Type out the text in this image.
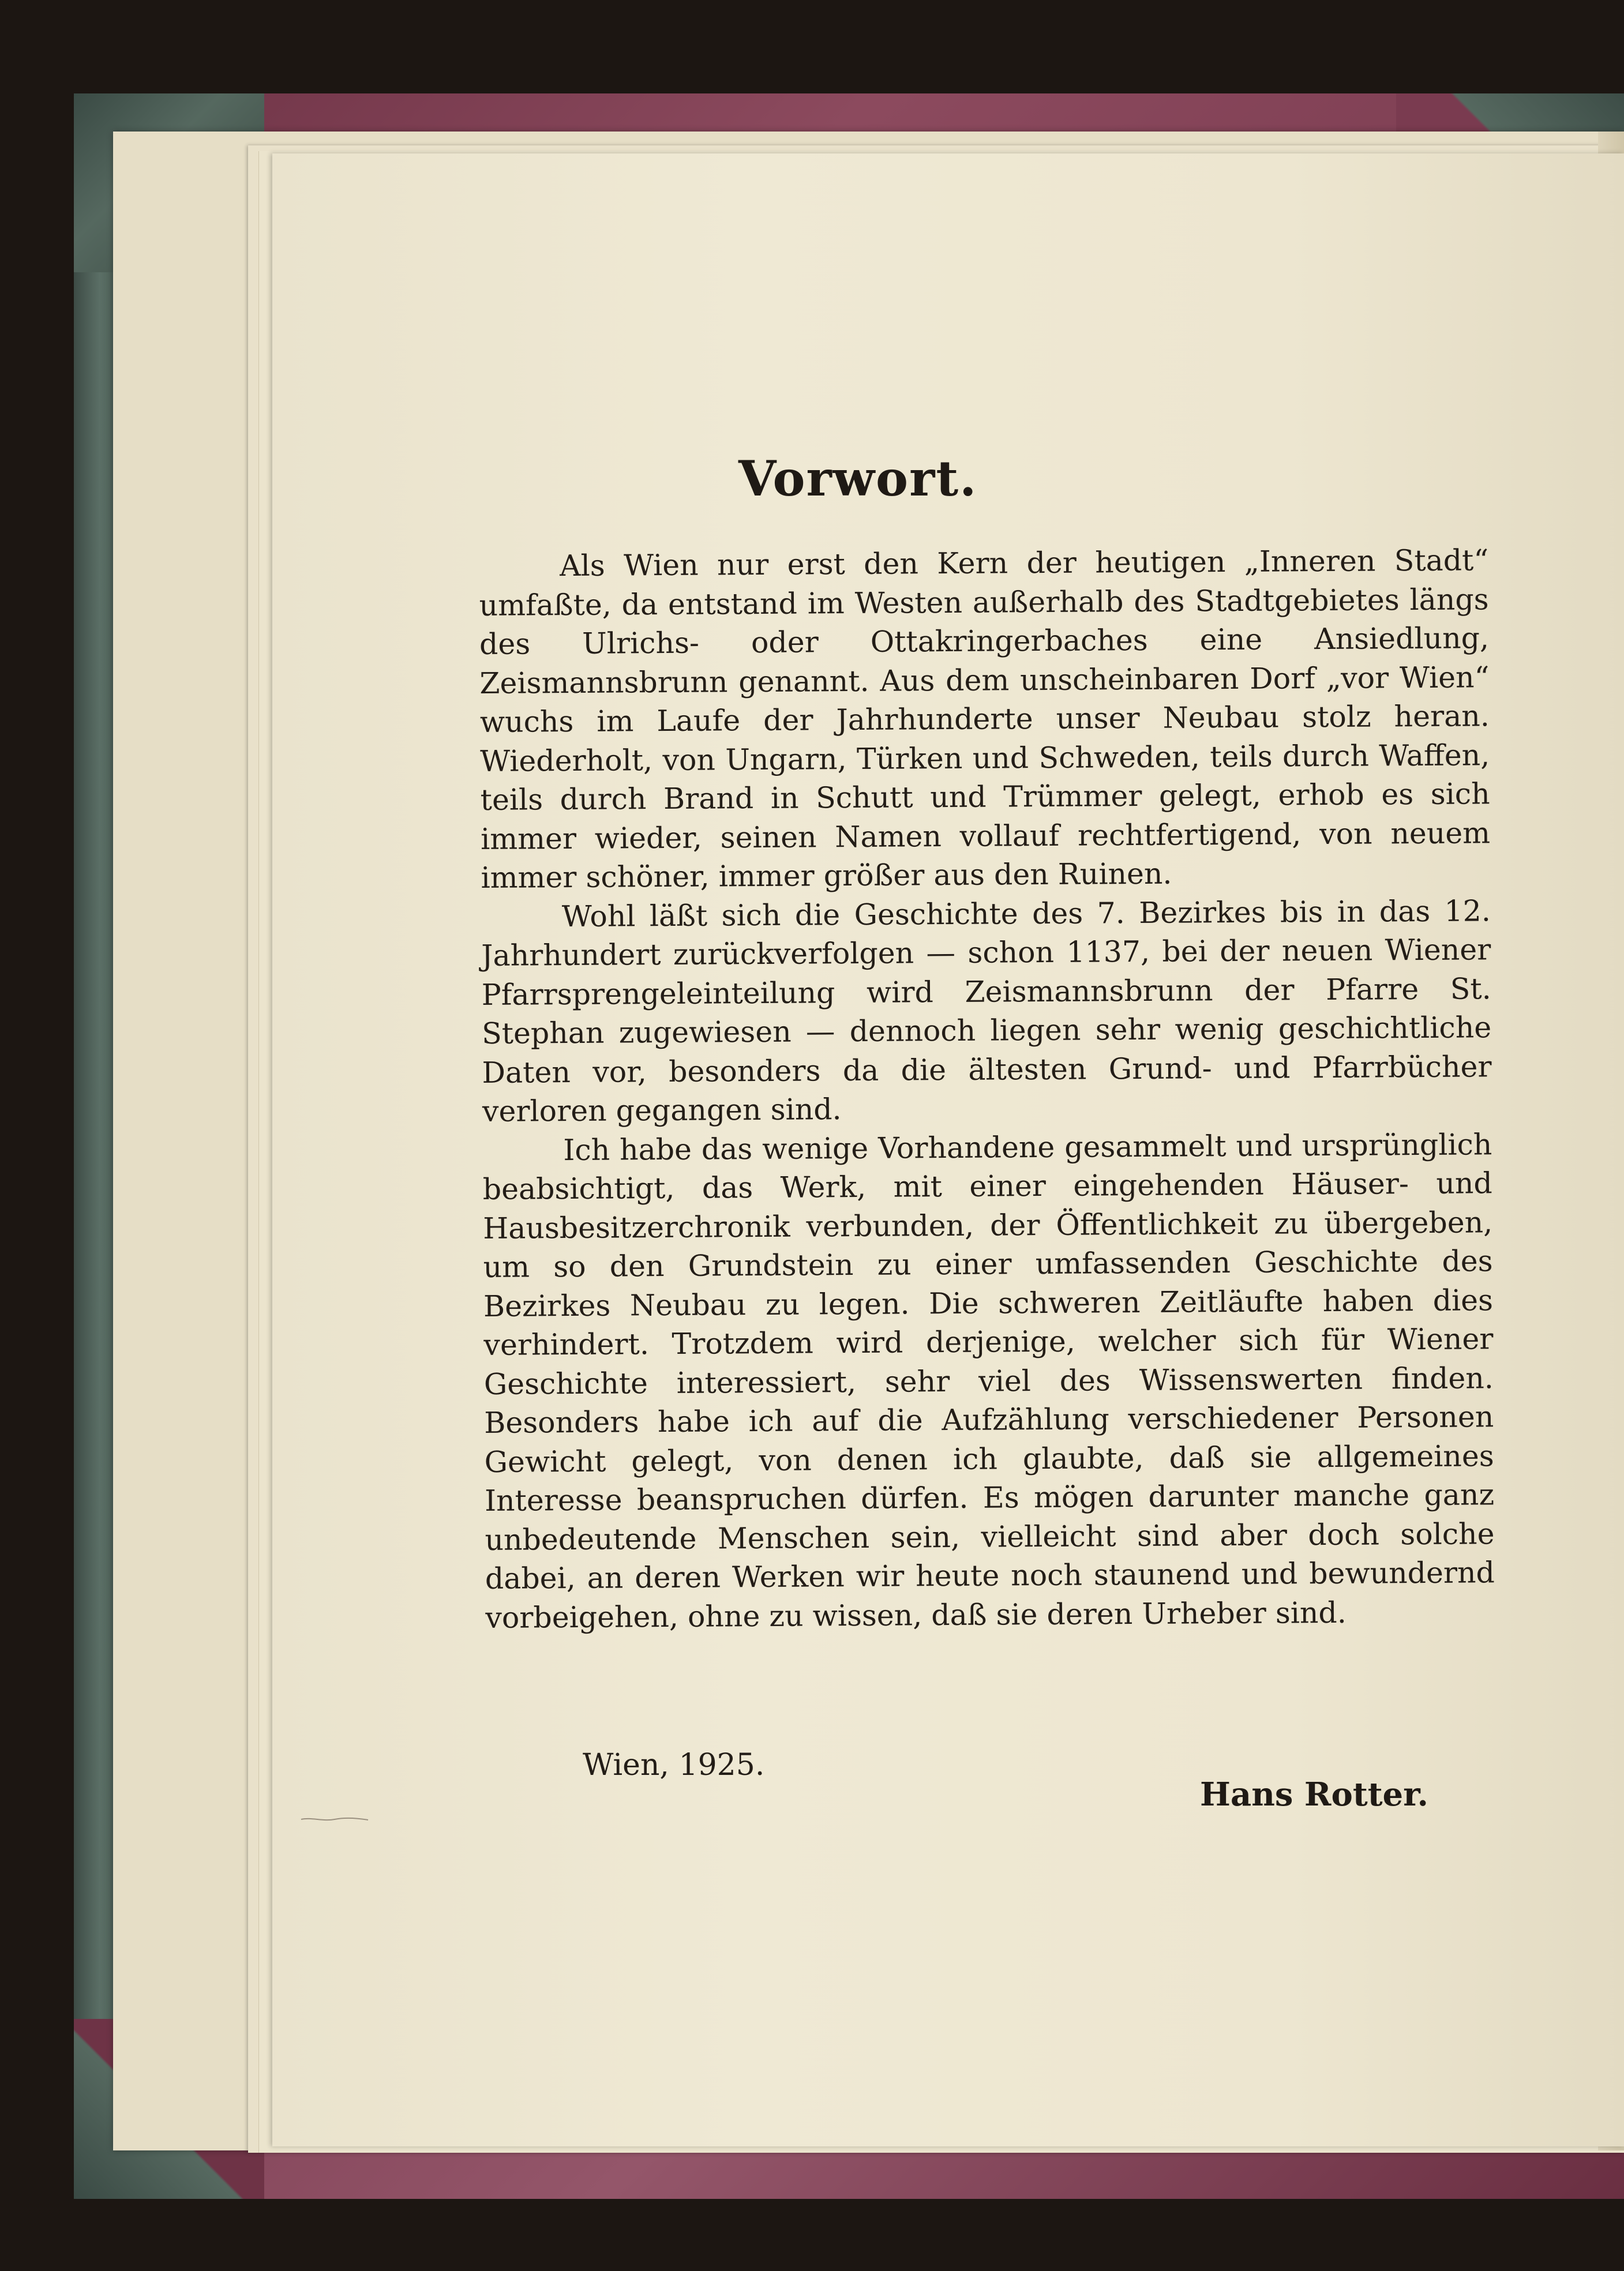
Vorwort.

Als Wien nur erst den Kern der heutigen „Inneren Stadt“ umfaßte, da entstand im Westen außerhalb des Stadtgebietes längs des Ulrichs- oder Ottakringerbaches eine Ansiedlung, Zeismannsbrunn genannt. Aus dem unscheinbaren Dorf „vor Wien“ wuchs im Laufe der Jahrhunderte unser Neubau stolz heran. Wiederholt, von Ungarn, Türken und Schweden, teils durch Waffen, teils durch Brand in Schutt und Trümmer gelegt, erhob es sich immer wieder, seinen Namen vollauf rechtfertigend, von neuem immer schöner, immer größer aus den Ruinen.

Wohl läßt sich die Geschichte des 7. Bezirkes bis in das 12. Jahrhundert zurückverfolgen — schon 1137, bei der neuen Wiener Pfarrsprengeleinteilung wird Zeismannsbrunn der Pfarre St. Stephan zugewiesen — dennoch liegen sehr wenig geschichtliche Daten vor, besonders da die ältesten Grund- und Pfarrbücher verloren gegangen sind.

Ich habe das wenige Vorhandene gesammelt und ursprünglich beabsichtigt, das Werk, mit einer eingehenden Häuser- und Hausbesitzerchronik verbunden, der Öffentlichkeit zu übergeben, um so den Grundstein zu einer umfassenden Geschichte des Bezirkes Neubau zu legen. Die schweren Zeitläufte haben dies verhindert. Trotzdem wird derjenige, welcher sich für Wiener Geschichte interessiert, sehr viel des Wissenswerten finden. Besonders habe ich auf die Aufzählung verschiedener Personen Gewicht gelegt, von denen ich glaubte, daß sie allgemeines Interesse beanspruchen dürfen. Es mögen darunter manche ganz unbedeutende Menschen sein, vielleicht sind aber doch solche dabei, an deren Werken wir heute noch staunend und bewundernd vorbeigehen, ohne zu wissen, daß sie deren Urheber sind.

Wien, 1925.

Hans Rotter.
